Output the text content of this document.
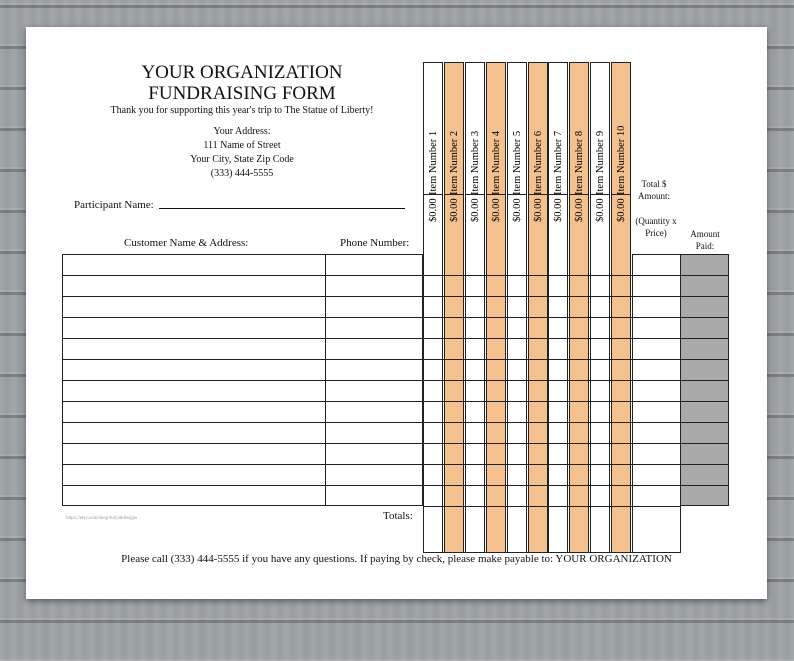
YOUR ORGANIZATION
FUNDRAISING FORM
Thank you for supporting this year's trip to The Statue of Liberty!
Your Address:
111 Name of Street
Your City, State Zip Code
(333) 444-5555
Participant Name:
Customer Name & Address:	Phone Number:
Total $ Amount:
(Quantity x Price)	Amount Paid:
Item Number 1
$0.00
Item Number 2
$0.00
Item Number 3
$0.00
Item Number 4
$0.00
Item Number 5
$0.00
Item Number 6
$0.00
Item Number 7
$0.00
Item Number 8
$0.00
Item Number 9
$0.00
Item Number 10
$0.00
Totals:
https://etsy.com/shop/tulyahdesigns
Please call (333) 444-5555 if you have any questions. If paying by check, please make payable to: YOUR ORGANIZATION
